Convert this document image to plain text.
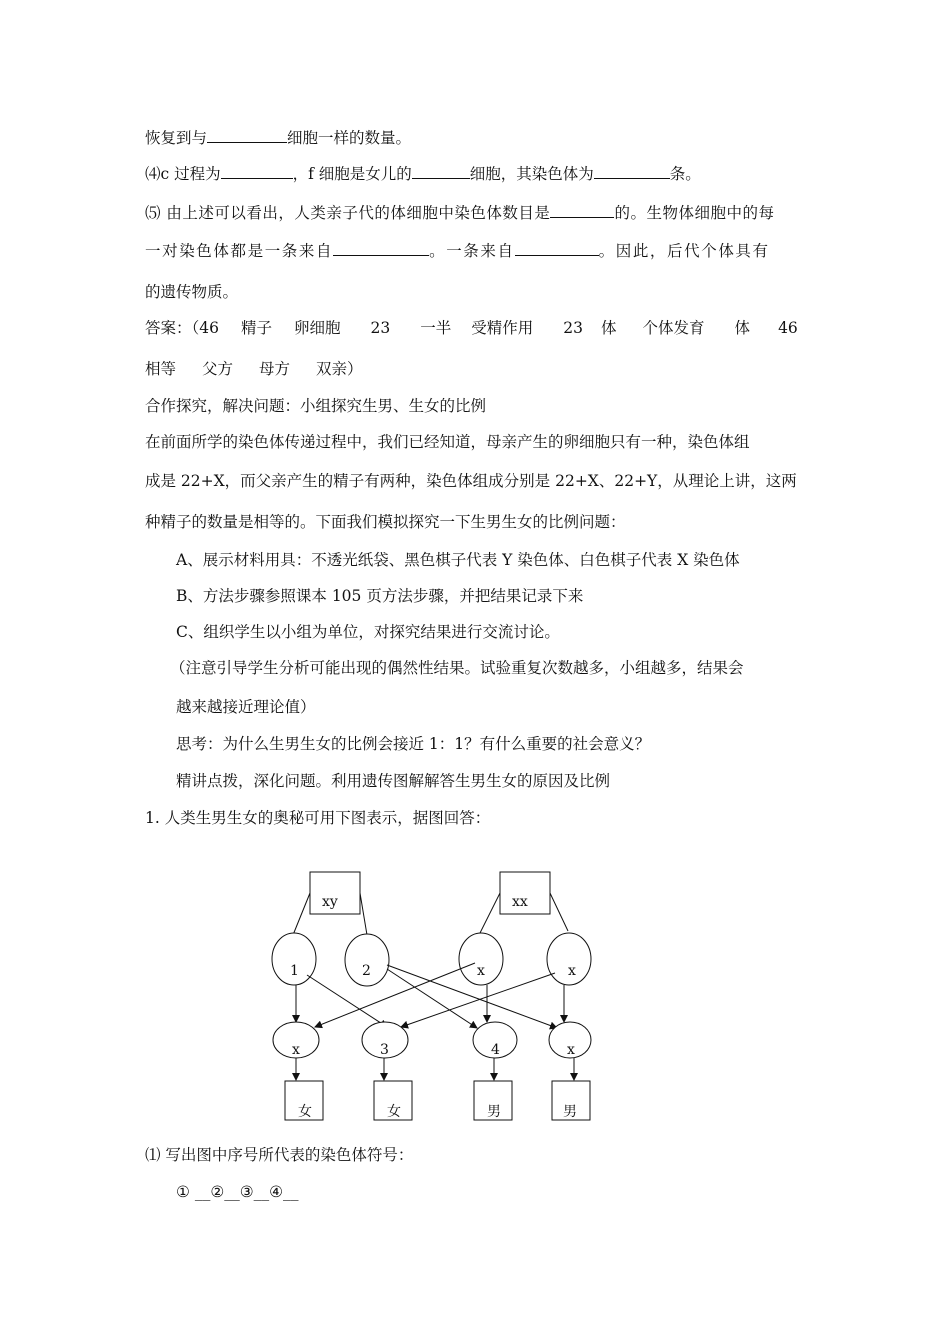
恢复到与	细胞一样的数量。
⑷c 过程为	，f 细胞是女儿的	细胞，其染色体为	条。
⑸ 由上述可以看出，人类亲子代的体细胞中染色体数目是	的。生物体细胞中的每
一对染色体都是一条来自	。一条来自	。因此，后代个体具有
的遗传物质。
答案：（46 精子 卵细胞 23 一半 受精作用 23 体 个体发育 体 46
相等 父方 母方 双亲）
合作探究，解决问题：小组探究生男、生女的比例
在前面所学的染色体传递过程中，我们已经知道，母亲产生的卵细胞只有一种，染色体组
成是 22+X，而父亲产生的精子有两种，染色体组成分别是 22+X、22+Y，从理论上讲，这两
种精子的数量是相等的。下面我们模拟探究一下生男生女的比例问题：
A、展示材料用具：不透光纸袋、黑色棋子代表 Y 染色体、白色棋子代表 X 染色体
B、方法步骤参照课本 105 页方法步骤，并把结果记录下来
C、组织学生以小组为单位，对探究结果进行交流讨论。
（注意引导学生分析可能出现的偶然性结果。试验重复次数越多，小组越多，结果会
越来越接近理论值）
思考：为什么生男生女的比例会接近 1：1？有什么重要的社会意义？
精讲点拨，深化问题。利用遗传图解解答生男生女的原因及比例
1. 人类生男生女的奥秘可用下图表示，据图回答：
xy	xx
1	2	x	x
x	3	4	x
女	女	男	男
⑴ 写出图中序号所代表的染色体符号：
① __②__③__④__
